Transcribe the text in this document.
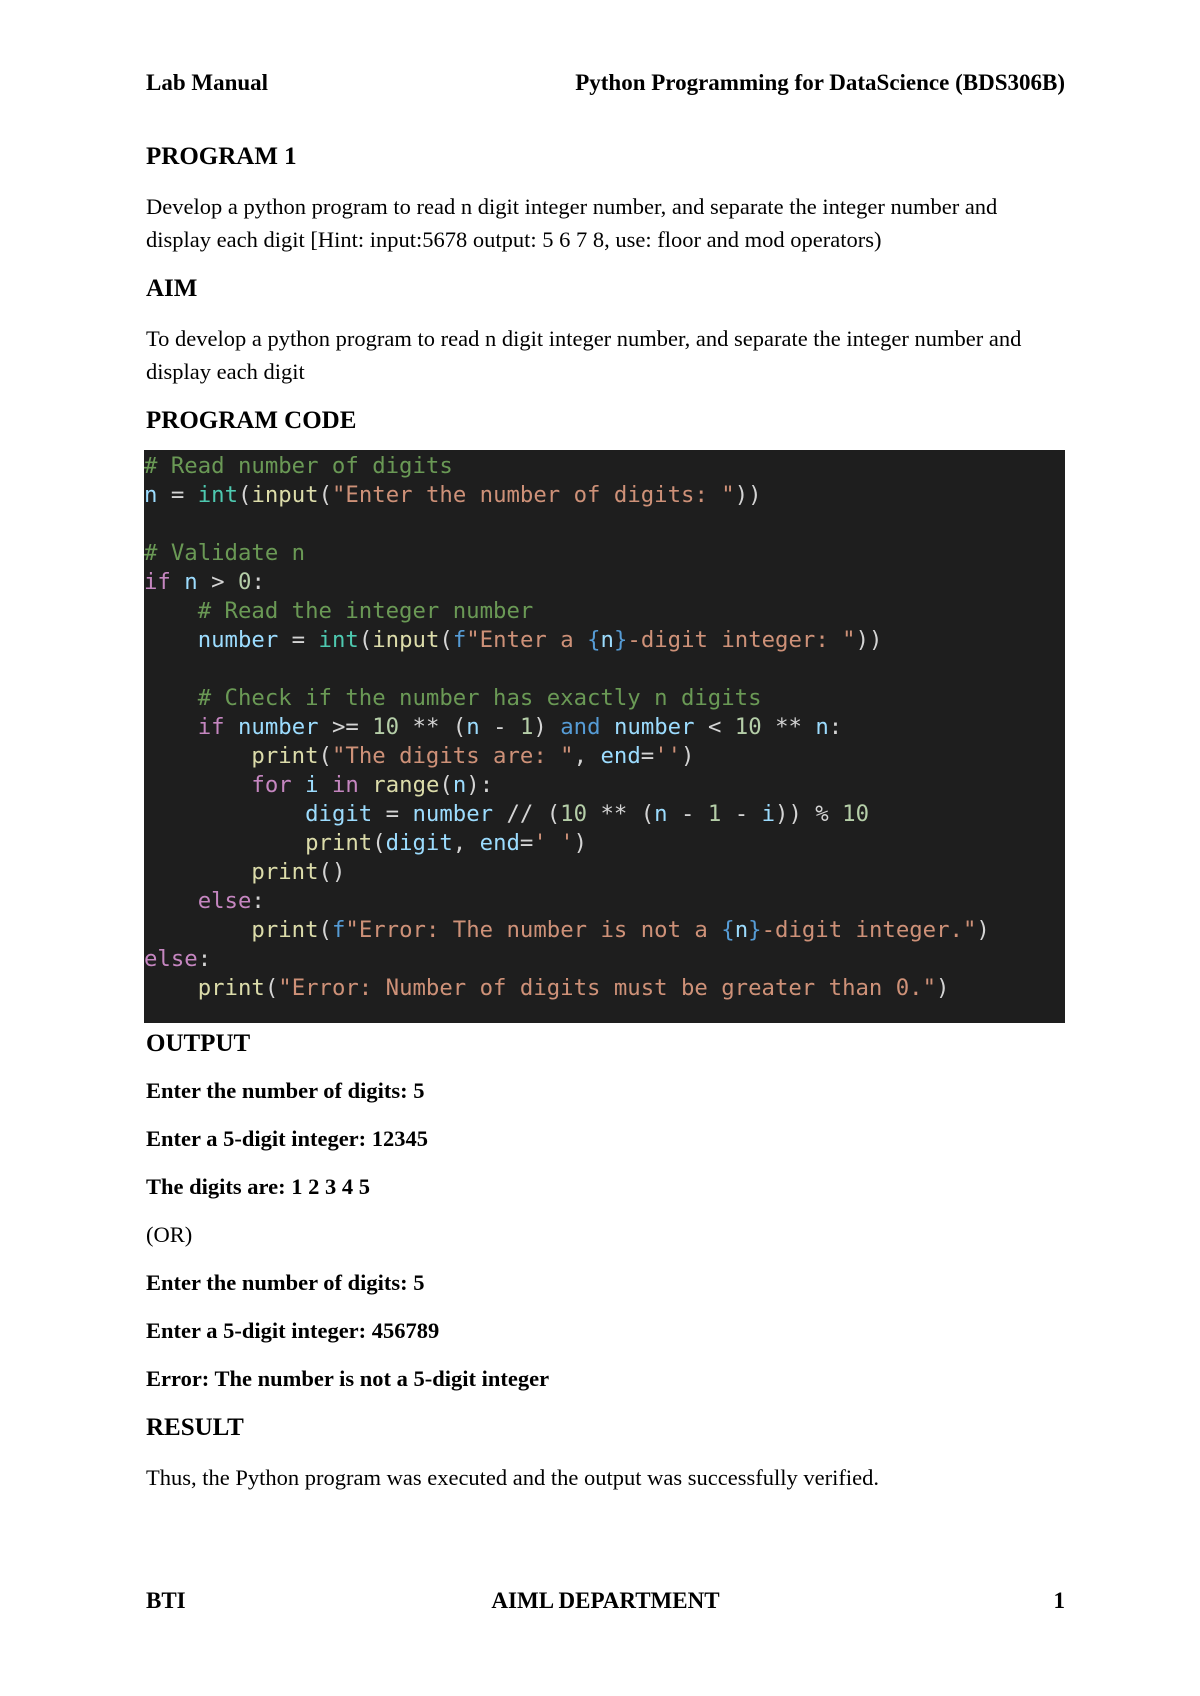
Lab Manual	Python Programming for DataScience (BDS306B)
PROGRAM 1

Develop a python program to read n digit integer number, and separate the integer number and display each digit [Hint: input:5678 output: 5 6 7 8, use: floor and mod operators)

AIM

To develop a python program to read n digit integer number, and separate the integer number and display each digit

PROGRAM CODE
# Read number of digits
n = int(input("Enter the number of digits: "))
# Validate n
if n > 0:
# Read the integer number
number = int(input(f"Enter a {n}-digit integer: "))
# Check if the number has exactly n digits
if number >= 10 ** (n - 1) and number < 10 ** n:
print("The digits are: ", end='')
for i in range(n):
digit = number // (10 ** (n - 1 - i)) % 10
print(digit, end=' ')
print()
else:
print(f"Error: The number is not a {n}-digit integer.")
else:
print("Error: Number of digits must be greater than 0.")
OUTPUT
Enter the number of digits: 5
Enter a 5-digit integer: 12345
The digits are: 1 2 3 4 5
(OR)
Enter the number of digits: 5
Enter a 5-digit integer: 456789
Error: The number is not a 5-digit integer
RESULT

Thus, the Python program was executed and the output was successfully verified.

BTI	AIML DEPARTMENT	1
